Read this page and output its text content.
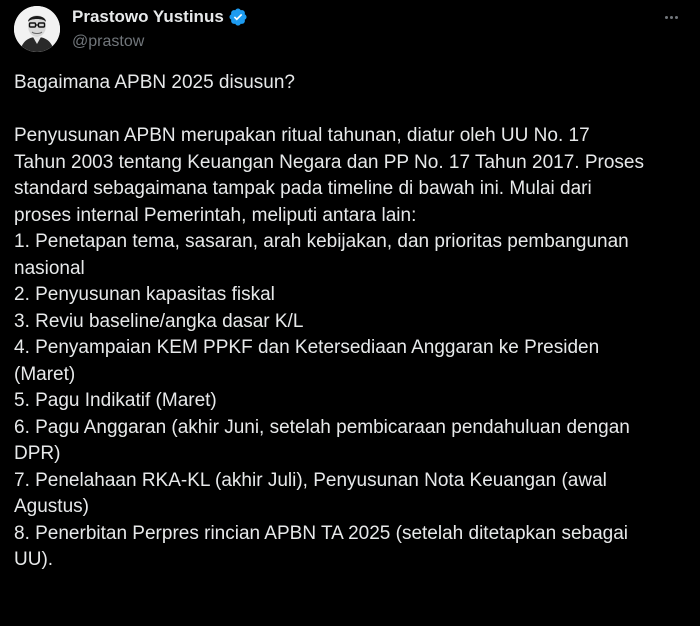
Prastowo Yustinus
@prastow

Bagaimana APBN 2025 disusun?

Penyusunan APBN merupakan ritual tahunan, diatur oleh UU No. 17

Tahun 2003 tentang Keuangan Negara dan PP No. 17 Tahun 2017. Proses

standard sebagaimana tampak pada timeline di bawah ini. Mulai dari

proses internal Pemerintah, meliputi antara lain:

1. Penetapan tema, sasaran, arah kebijakan, dan prioritas pembangunan
nasional
2. Penyusunan kapasitas fiskal
3. Reviu baseline/angka dasar K/L
4. Penyampaian KEM PPKF dan Ketersediaan Anggaran ke Presiden
(Maret)
5. Pagu Indikatif (Maret)
6. Pagu Anggaran (akhir Juni, setelah pembicaraan pendahuluan dengan
DPR)
7. Penelahaan RKA-KL (akhir Juli), Penyusunan Nota Keuangan (awal
Agustus)
8. Penerbitan Perpres rincian APBN TA 2025 (setelah ditetapkan sebagai
UU).
